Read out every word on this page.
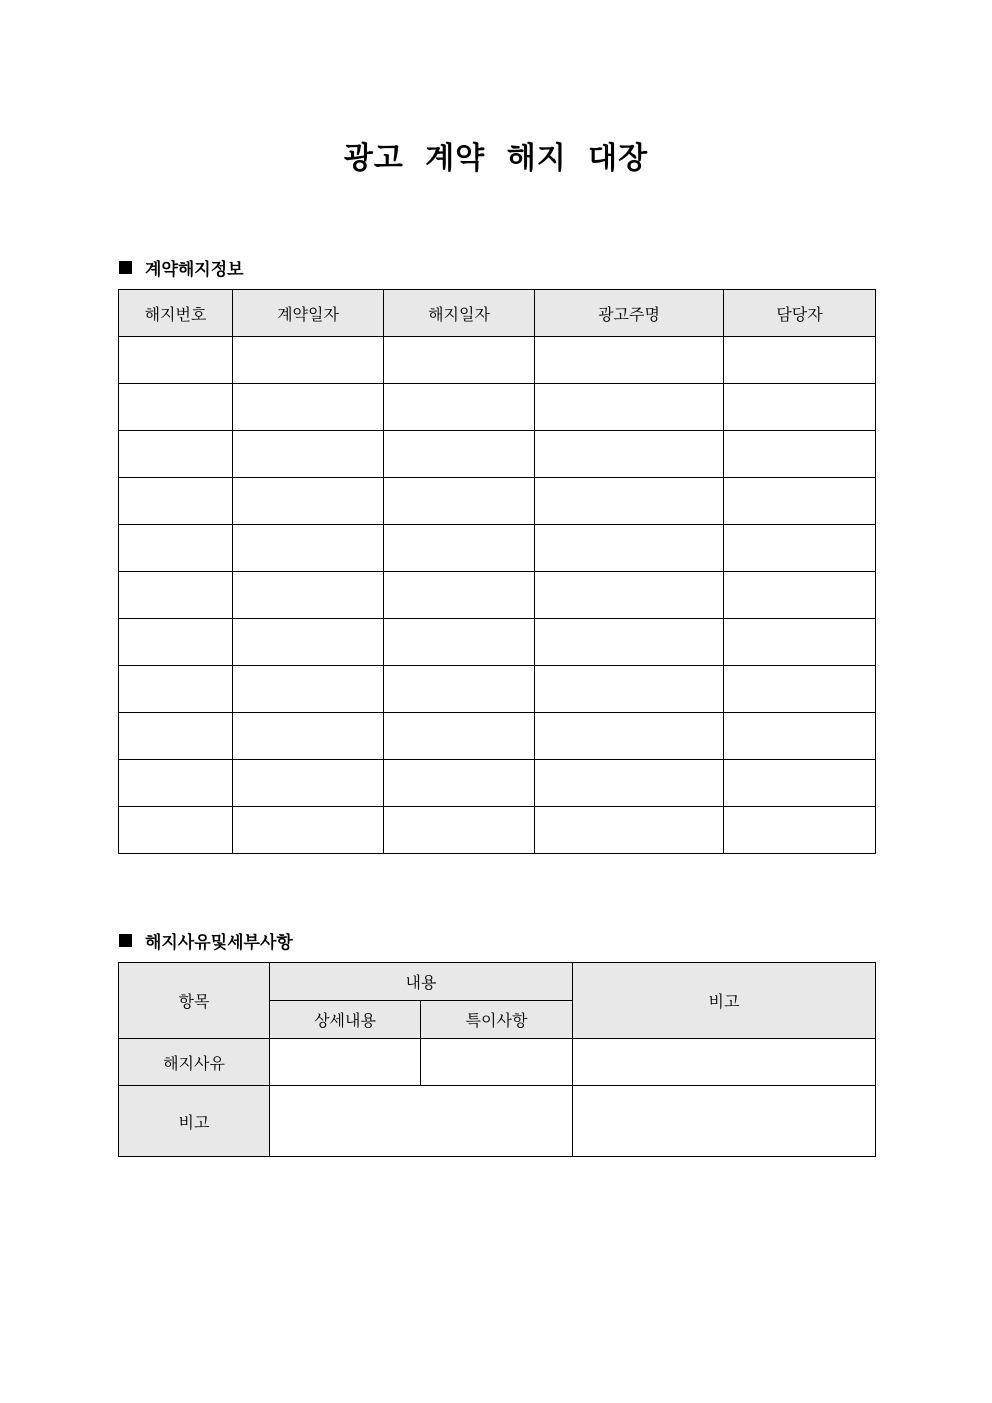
광고 계약 해지 대장
계약해지정보
해지번호	계약일자	해지일자	광고주명	담당자

해지사유및세부사항
항목	내용		비고
	상세내용	특이사항	
해지사유			
비고			
